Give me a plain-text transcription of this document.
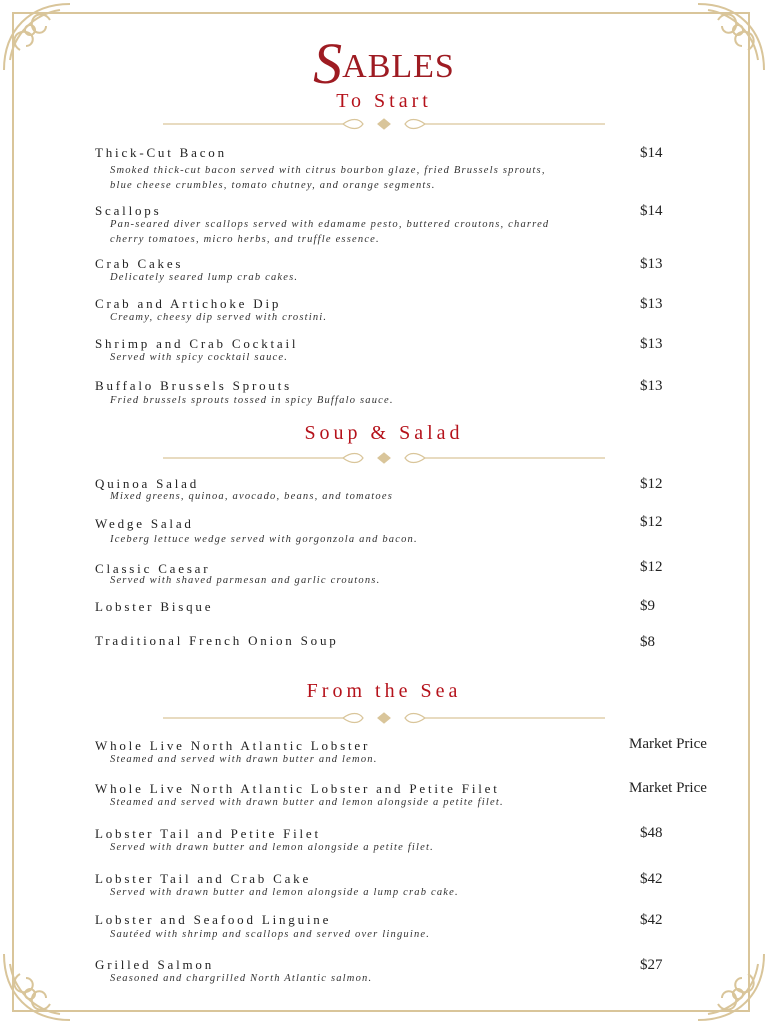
SABLES
To Start
Thick-Cut Bacon	$14
Smoked thick-cut bacon served with citrus bourbon glaze, fried Brussels sprouts,
blue cheese crumbles, tomato chutney, and orange segments.
Scallops	$14
Pan-seared diver scallops served with edamame pesto, buttered croutons, charred
cherry tomatoes, micro herbs, and truffle essence.
Crab Cakes	$13
Delicately seared lump crab cakes.
Crab and Artichoke Dip	$13
Creamy, cheesy dip served with crostini.
Shrimp and Crab Cocktail	$13
Served with spicy cocktail sauce.
Buffalo Brussels Sprouts	$13
Fried brussels sprouts tossed in spicy Buffalo sauce.
Soup & Salad
Quinoa Salad	$12
Mixed greens, quinoa, avocado, beans, and tomatoes
Wedge Salad	$12
Iceberg lettuce wedge served with gorgonzola and bacon.
Classic Caesar	$12
Served with shaved parmesan and garlic croutons.
Lobster Bisque	$9
Traditional French Onion Soup	$8
From the Sea
Whole Live North Atlantic Lobster	Market Price
Steamed and served with drawn butter and lemon.
Whole Live North Atlantic Lobster and Petite Filet	Market Price
Steamed and served with drawn butter and lemon alongside a petite filet.
Lobster Tail and Petite Filet	$48
Served with drawn butter and lemon alongside a petite filet.
Lobster Tail and Crab Cake	$42
Served with drawn butter and lemon alongside a lump crab cake.
Lobster and Seafood Linguine	$42
Sautéed with shrimp and scallops and served over linguine.
Grilled Salmon	$27
Seasoned and chargrilled North Atlantic salmon.
